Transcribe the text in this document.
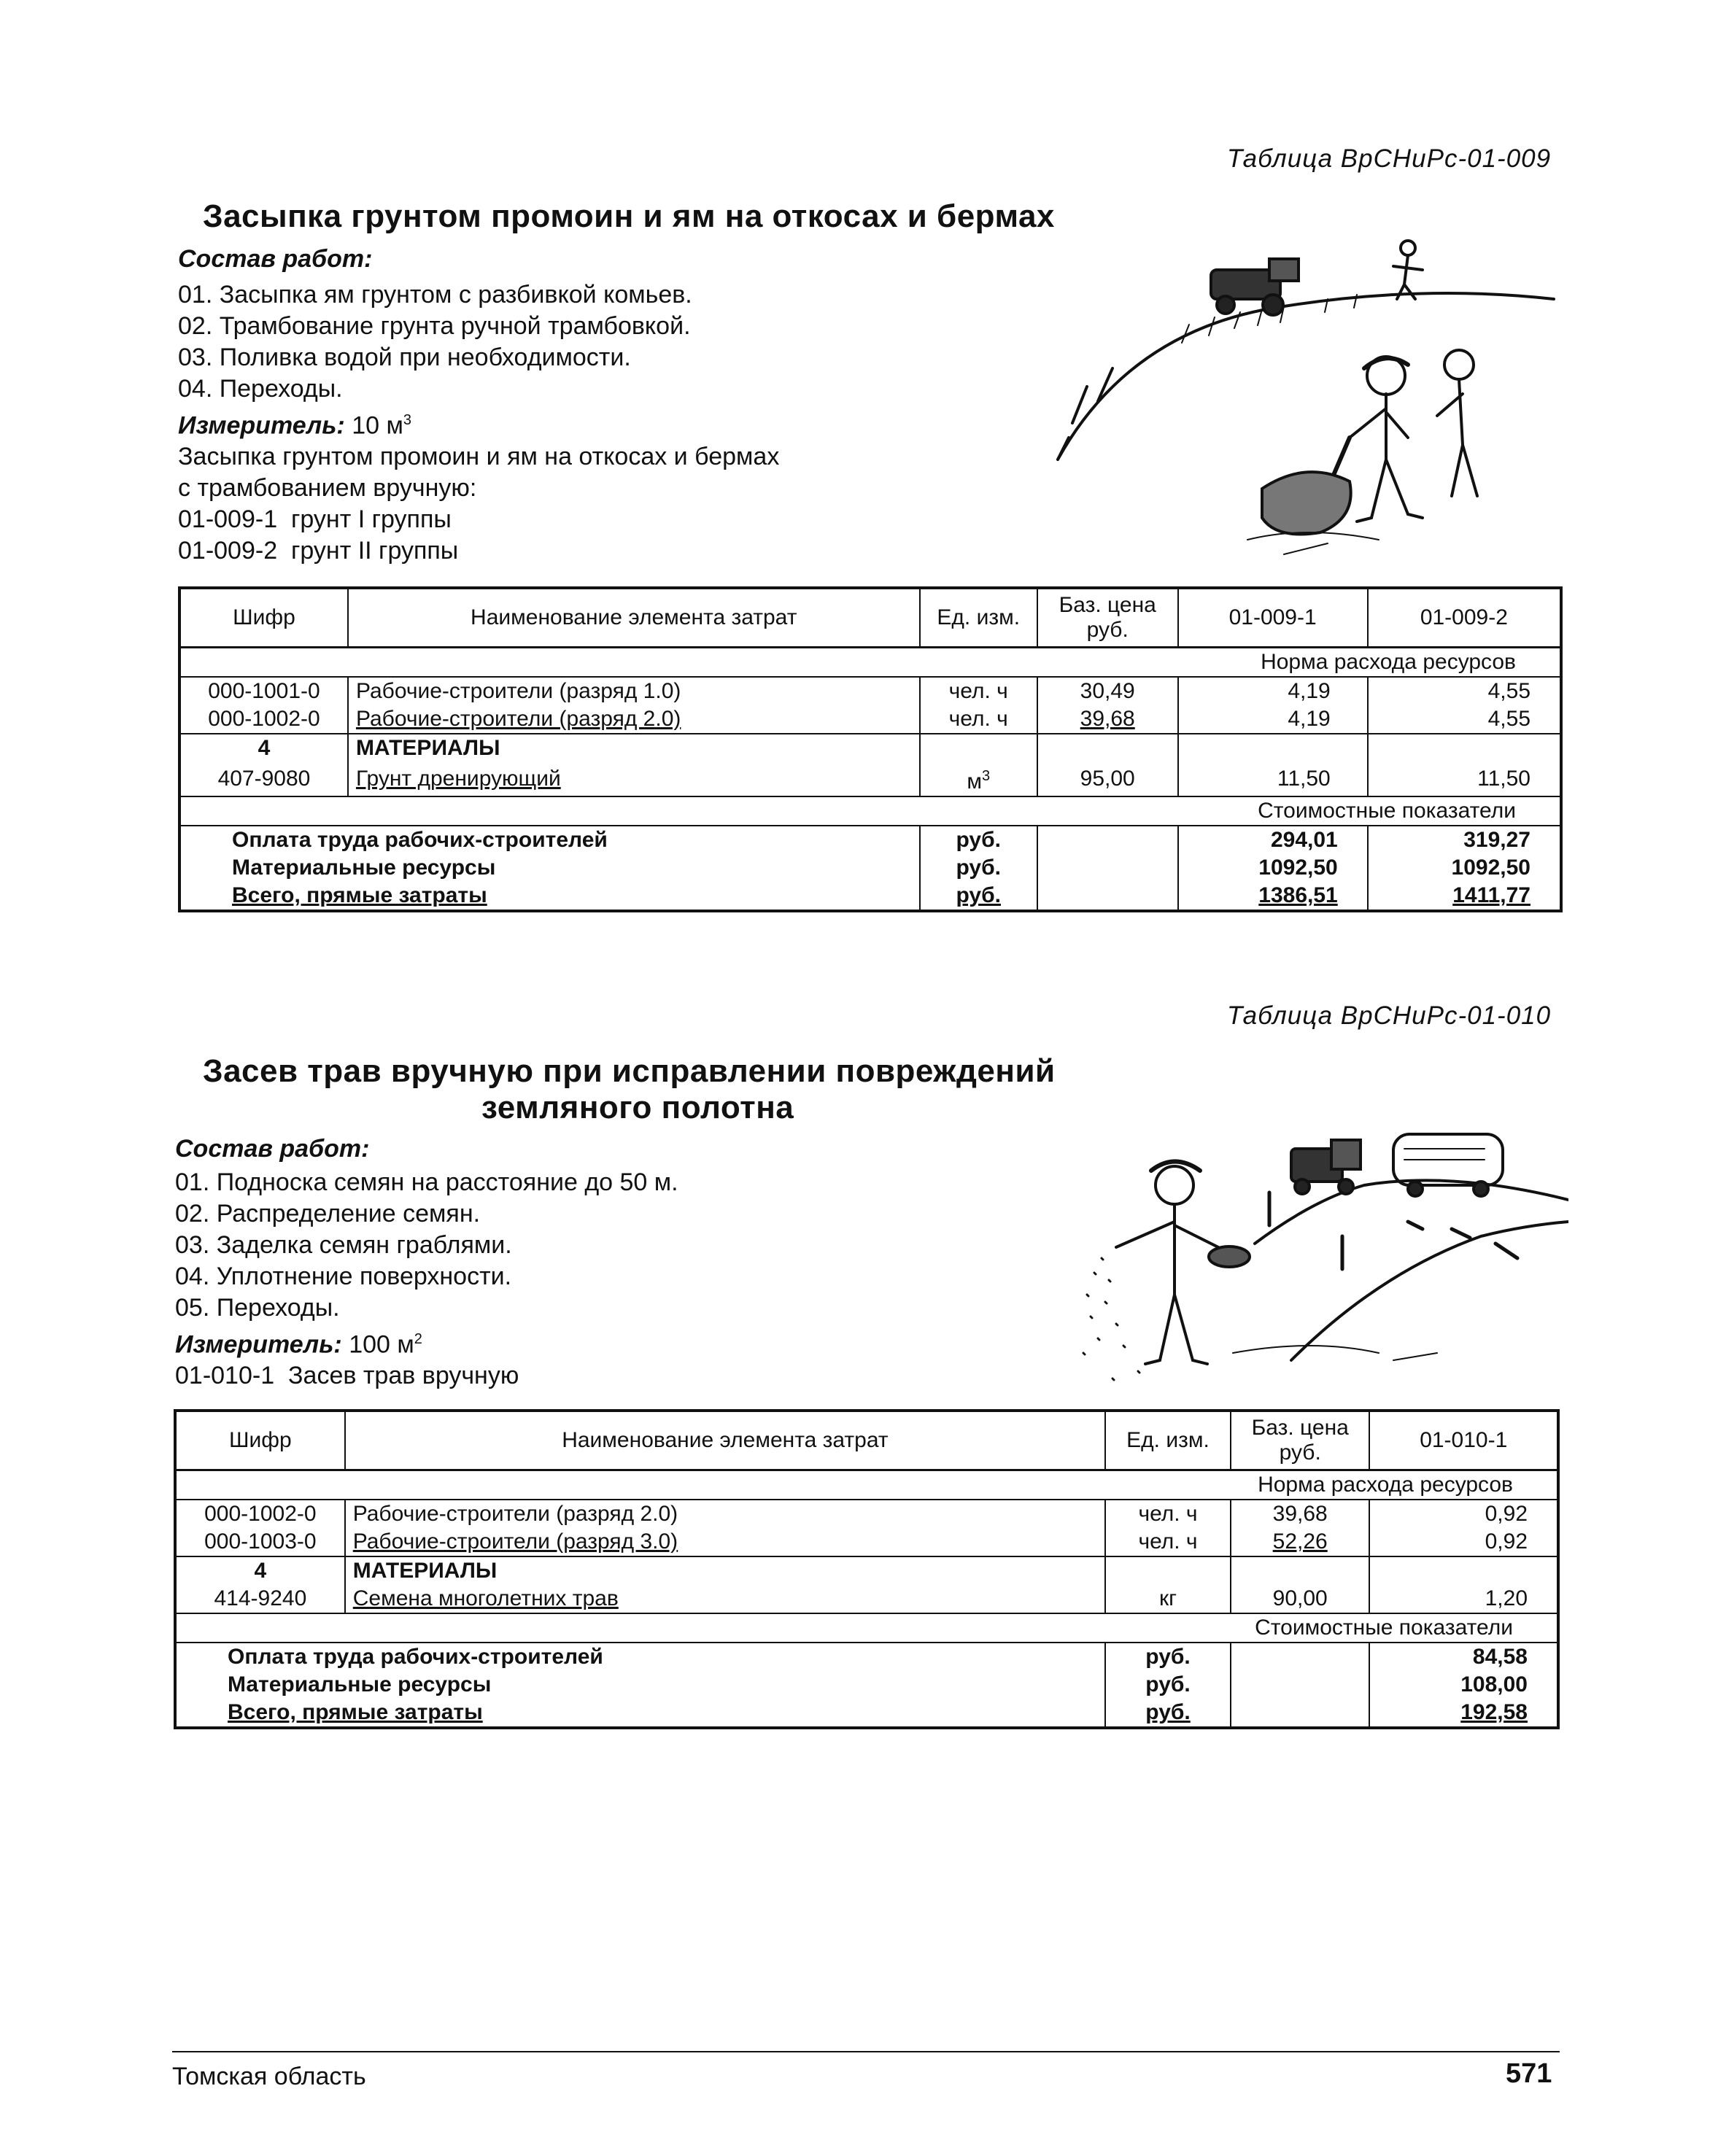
Таблица ВрСНиРс-01-009
Засыпка грунтом промоин и ям на откосах и бермах
Состав работ:
01. Засыпка ям грунтом с разбивкой комьев.
02. Трамбование грунта ручной трамбовкой.
03. Поливка водой при необходимости.
04. Переходы.
Измеритель: 10 $м^3$
Засыпка грунтом промоин и ям на откосах и бермах
с трамбованием вручную:
01-009-1  грунт I группы
01-009-2  грунт II группы
Шифр	Наименование элемента затрат	Ед. изм.	Баз. цена руб.	01-009-1	01-009-2
Норма расхода ресурсов					
000-1001-0	Рабочие-строители (разряд 1.0)	чел. ч	30,49	4,19	4,55
000-1002-0	Рабочие-строители (разряд 2.0)	чел. ч	39,68	4,19	4,55
4	МАТЕРИАЛЫ				
407-9080	Грунт дренирующий	$м^3$	95,00	11,50	11,50
Стоимостные показатели					
Оплата труда рабочих-строителей		руб.		294,01	319,27
Материальные ресурсы		руб.		1092,50	1092,50
Всего, прямые затраты		руб.		1386,51	1411,77
Таблица ВрСНиРс-01-010
Засев трав вручную при исправлении повреждений
земляного полотна
Состав работ:
01. Подноска семян на расстояние до 50 м.
02. Распределение семян.
03. Заделка семян граблями.
04. Уплотнение поверхности.
05. Переходы.
Измеритель: 100 $м^2$
01-010-1  Засев трав вручную
Шифр	Наименование элемента затрат	Ед. изм.	Баз. цена руб.	01-010-1
Норма расхода ресурсов				
000-1002-0	Рабочие-строители (разряд 2.0)	чел. ч	39,68	0,92
000-1003-0	Рабочие-строители (разряд 3.0)	чел. ч	52,26	0,92
4	МАТЕРИАЛЫ			
414-9240	Семена многолетних трав	кг	90,00	1,20
Стоимостные показатели				
Оплата труда рабочих-строителей		руб.		84,58
Материальные ресурсы		руб.		108,00
Всего, прямые затраты		руб.		192,58
Томская область	571
